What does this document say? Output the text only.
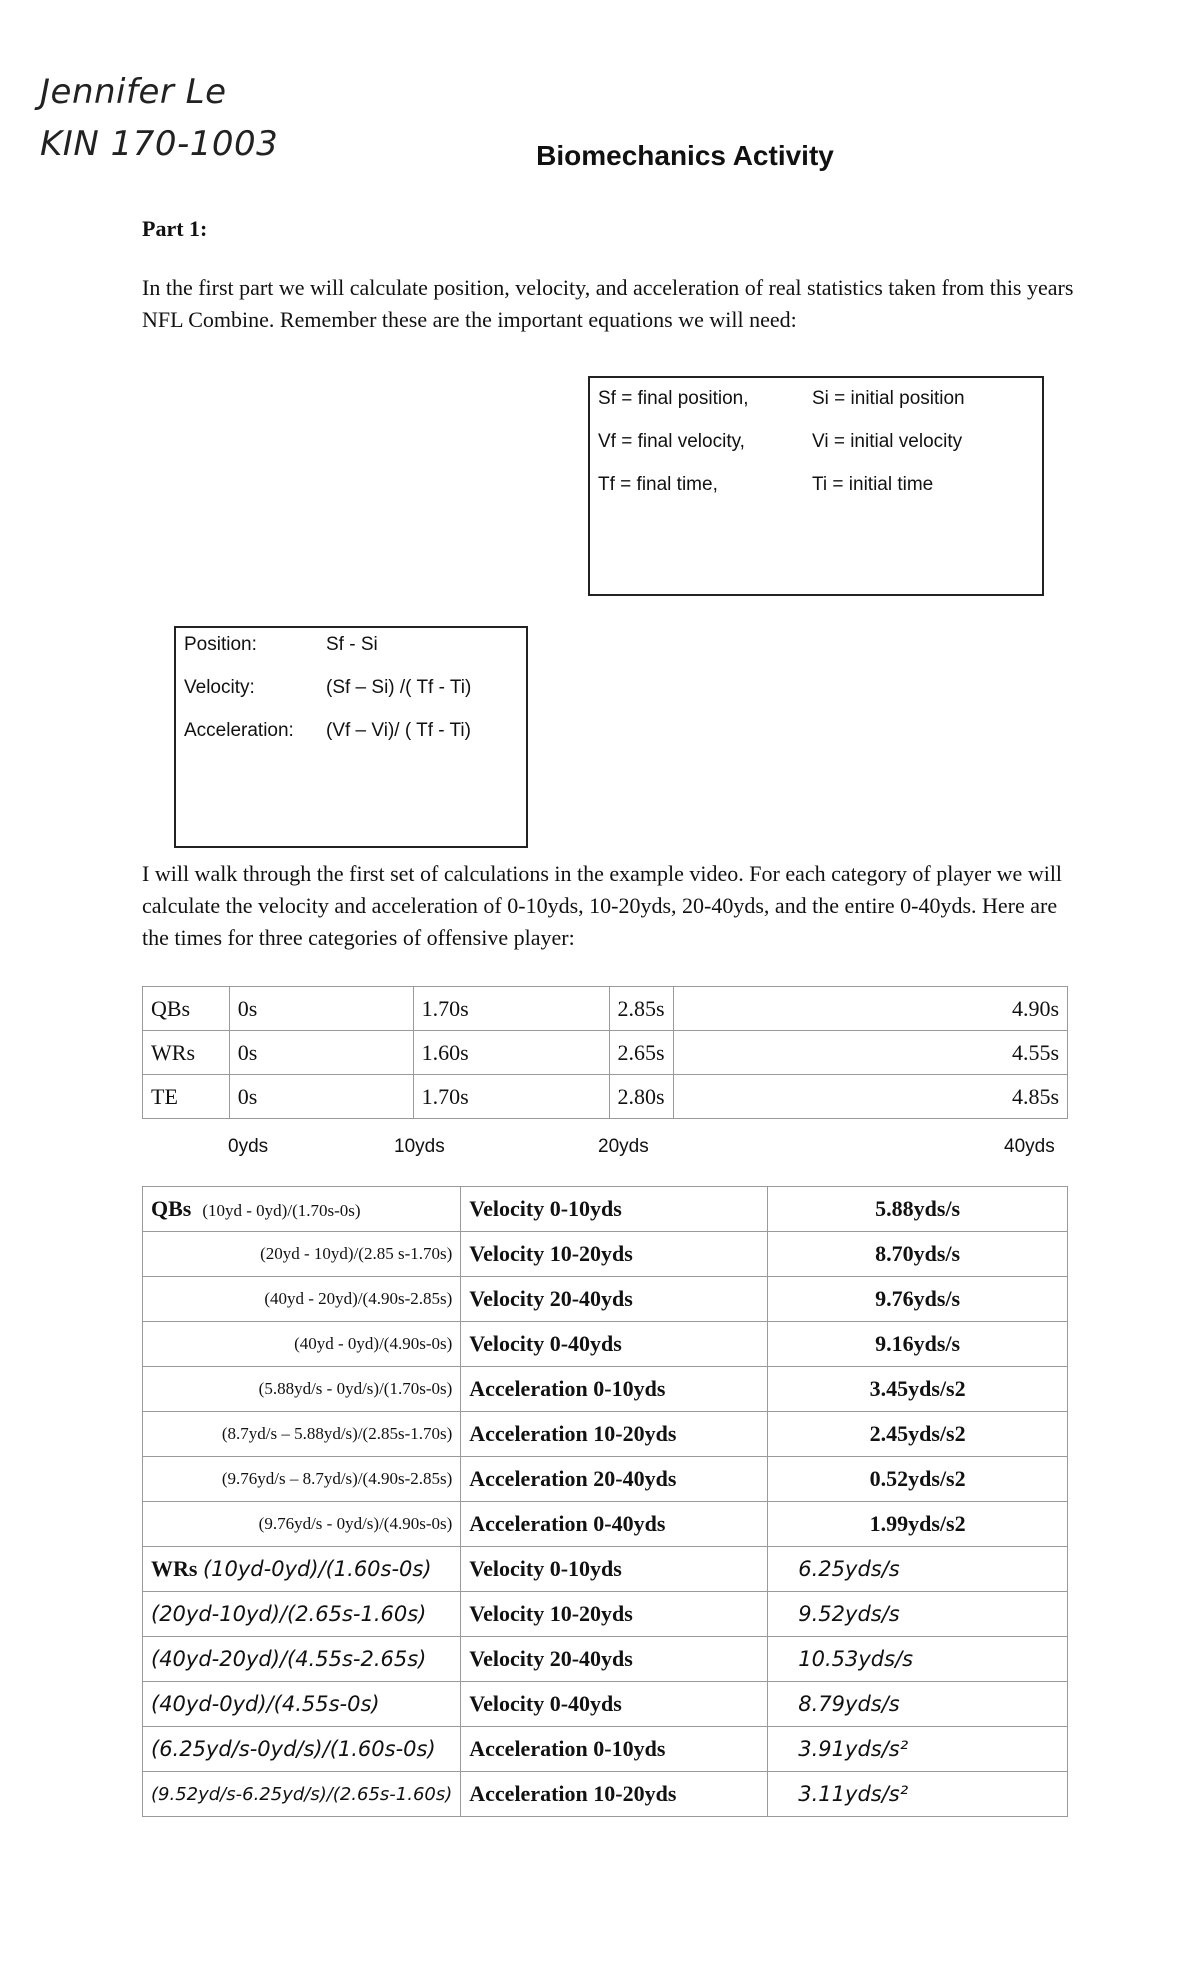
Jennifer Le
KIN 170-1003	Biomechanics Activity
Part 1:
In the first part we will calculate position, velocity, and acceleration of real statistics taken from this years NFL Combine. Remember these are the important equations we will need:
Sf = final position,	Si = initial position
Vf = final velocity,	Vi = initial velocity
Tf = final time,	Ti = initial time
Position:	Sf - Si
Velocity:	(Sf – Si) /( Tf - Ti)
Acceleration: (Vf – Vi)/ ( Tf - Ti)
I will walk through the first set of calculations in the example video. For each category of player we will calculate the velocity and acceleration of 0-10yds, 10-20yds, 20-40yds, and the entire 0-40yds. Here are the times for three categories of offensive player:
QBs	0s	1.70s	2.85s	4.90s
WRs	0s	1.60s	2.65s	4.55s
TE	0s	1.70s	2.80s	4.85s
0yds	10yds	20yds	40yds
QBs (10yd - 0yd)/(1.70s-0s)	Velocity 0-10yds	5.88yds/s
(20yd - 10yd)/(2.85 s-1.70s)	Velocity 10-20yds	8.70yds/s
(40yd - 20yd)/(4.90s-2.85s)	Velocity 20-40yds	9.76yds/s
(40yd - 0yd)/(4.90s-0s)	Velocity 0-40yds	9.16yds/s
(5.88yd/s - 0yd/s)/(1.70s-0s)	Acceleration 0-10yds	3.45yds/s2
(8.7yd/s – 5.88yd/s)/(2.85s-1.70s)	Acceleration 10-20yds	2.45yds/s2
(9.76yd/s – 8.7yd/s)/(4.90s-2.85s)	Acceleration 20-40yds	0.52yds/s2
(9.76yd/s - 0yd/s)/(4.90s-0s)	Acceleration 0-40yds	1.99yds/s2
WRs (10yd-0yd)/(1.60s-0s)	Velocity 0-10yds	6.25yds/s
(20yd-10yd)/(2.65s-1.60s)	Velocity 10-20yds	9.52yds/s
(40yd-20yd)/(4.55s-2.65s)	Velocity 20-40yds	10.53yds/s
(40yd-0yd)/(4.55s-0s)	Velocity 0-40yds	8.79yds/s
(6.25yd/s-0yd/s)/(1.60s-0s)	Acceleration 0-10yds	3.91yds/s²
(9.52yd/s-6.25yd/s)/(2.65s-1.60s)	Acceleration 10-20yds	3.11yds/s²
